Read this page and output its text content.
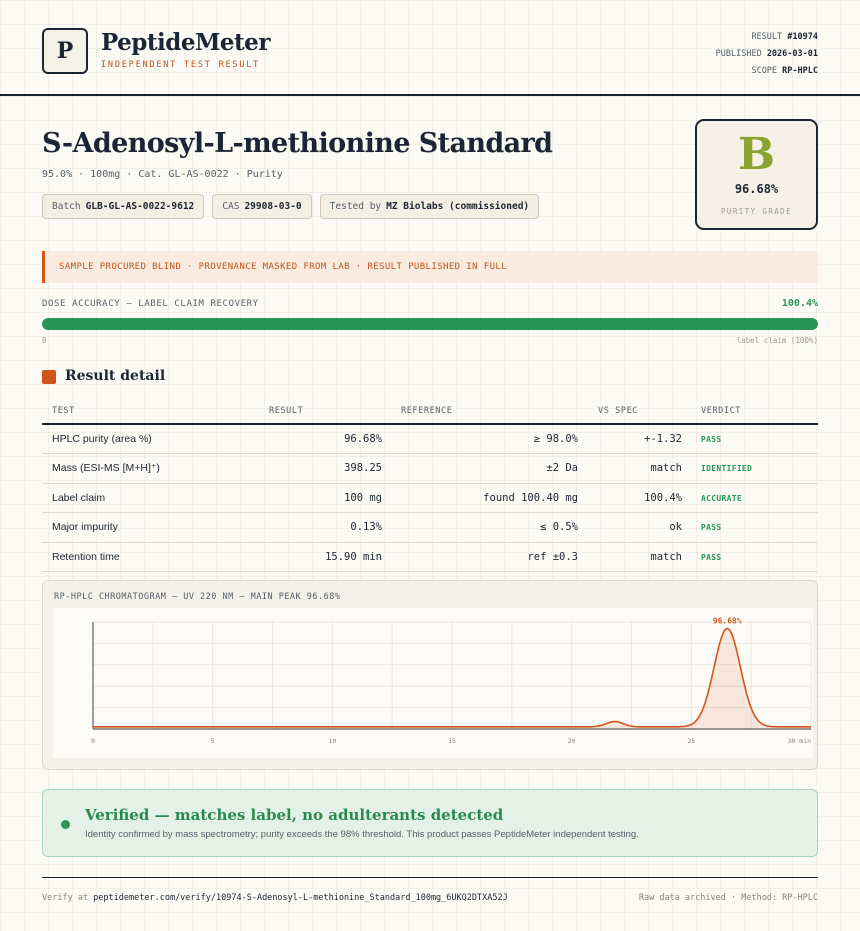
P	PeptideMeter
INDEPENDENT TEST RESULT
RESULT #10974
PUBLISHED 2026-03-01
SCOPE RP-HPLC
S-Adenosyl-L-methionine Standard
95.0% · 100mg · Cat. GL-AS-0022 · Purity
Batch GLB-GL-AS-0022-9612	CAS 29908-03-0	Tested by MZ Biolabs (commissioned)
B
96.68%
PURITY GRADE
SAMPLE PROCURED BLIND · PROVENANCE MASKED FROM LAB · RESULT PUBLISHED IN FULL
DOSE ACCURACY — LABEL CLAIM RECOVERY	100.4%
0	label claim (100%)
Result detail
TEST	RESULT	REFERENCE	VS SPEC	VERDICT
HPLC purity (area %)	96.68%	≥ 98.0%	+-1.32 PASS
Mass (ESI-MS [M+H]⁺)	398.25	±2 Da	match IDENTIFIED
Label claim	100 mg	found 100.40 mg	100.4% ACCURATE
Major impurity	0.13%	≤ 0.5%	ok PASS
Retention time	15.90 min	ref ±0.3	match PASS
RP-HPLC CHROMATOGRAM — UV 220 NM — MAIN PEAK 96.68%
96.68%
0	5	10	15	20	25	30 min
Verified — matches label, no adulterants detected
Identity confirmed by mass spectrometry; purity exceeds the 98% threshold. This product passes PeptideMeter independent testing.
Verify at peptidemeter.com/verify/10974-S-Adenosyl-L-methionine_Standard_100mg_6UKQ2DTXA52J	Raw data archived · Method: RP-HPLC
